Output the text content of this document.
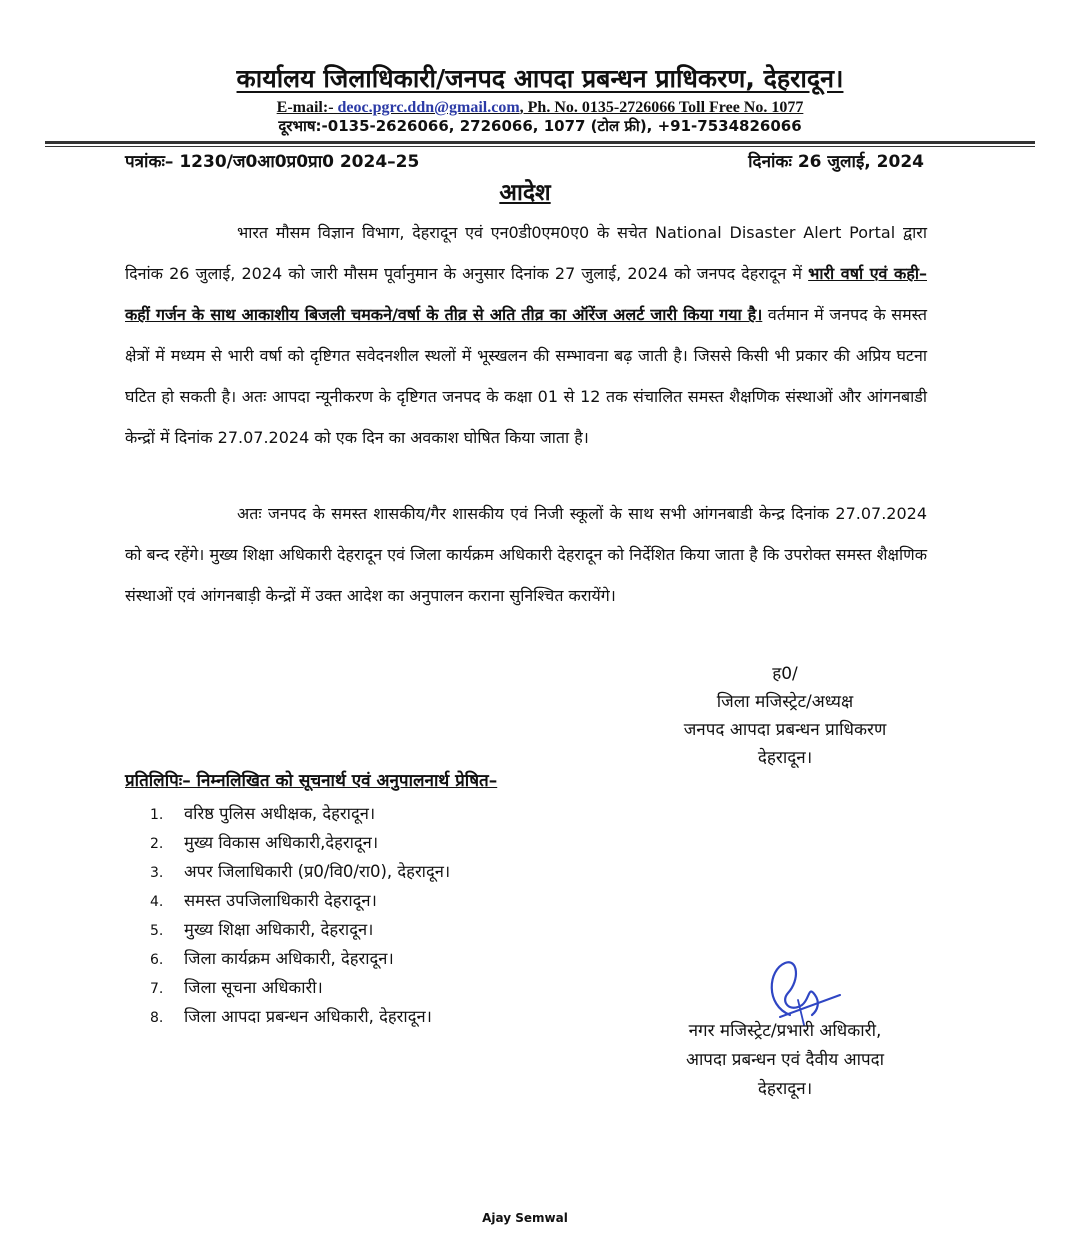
कार्यालय जिलाधिकारी/जनपद आपदा प्रबन्धन प्राधिकरण, देहरादून।
E-mail:- deoc.pgrc.ddn@gmail.com, Ph. No. 0135-2726066 Toll Free No. 1077
दूरभाष:-0135-2626066, 2726066, 1077 (टोल फ्री), +91-7534826066
पत्रांकः– 1230/ज0आ0प्र0प्रा0 2024–25	दिनांकः 26 जुलाई, 2024
आदेश
भारत मौसम विज्ञान विभाग, देहरादून एवं एन0डी0एम0ए0 के सचेत National Disaster Alert Portal द्वारा दिनांक 26 जुलाई, 2024 को जारी मौसम पूर्वानुमान के अनुसार दिनांक 27 जुलाई, 2024 को जनपद देहरादून में भारी वर्षा एवं कही–कहीं गर्जन के साथ आकाशीय बिजली चमकने/वर्षा के तीव्र से अति तीव्र का ऑरेंज अलर्ट जारी किया गया है। वर्तमान में जनपद के समस्त क्षेत्रों में मध्यम से भारी वर्षा को दृष्टिगत सवेदनशील स्थलों में भूस्खलन की सम्भावना बढ़ जाती है। जिससे किसी भी प्रकार की अप्रिय घटना घटित हो सकती है। अतः आपदा न्यूनीकरण के दृष्टिगत जनपद के कक्षा 01 से 12 तक संचालित समस्त शैक्षणिक संस्थाओं और आंगनबाडी केन्द्रों में दिनांक 27.07.2024 को एक दिन का अवकाश घोषित किया जाता है।
अतः जनपद के समस्त शासकीय/गैर शासकीय एवं निजी स्कूलों के साथ सभी आंगनबाडी केन्द्र दिनांक 27.07.2024 को बन्द रहेंगे। मुख्य शिक्षा अधिकारी देहरादून एवं जिला कार्यक्रम अधिकारी देहरादून को निर्देशित किया जाता है कि उपरोक्त समस्त शैक्षणिक संस्थाओं एवं आंगनबाड़ी केन्द्रों में उक्त आदेश का अनुपालन कराना सुनिश्चित करायेंगे।
ह0/
जिला मजिस्ट्रेट/अध्यक्ष
जनपद आपदा प्रबन्धन प्राधिकरण
देहरादून।
प्रतिलिपिः– निम्नलिखित को सूचनार्थ एवं अनुपालनार्थ प्रेषित–
1.	वरिष्ठ पुलिस अधीक्षक, देहरादून।
2.	मुख्य विकास अधिकारी,देहरादून।
3.	अपर जिलाधिकारी (प्र0/वि0/रा0), देहरादून।
4.	समस्त उपजिलाधिकारी देहरादून।
5.	मुख्य शिक्षा अधिकारी, देहरादून।
6.	जिला कार्यक्रम अधिकारी, देहरादून।
7.	जिला सूचना अधिकारी।
8.	जिला आपदा प्रबन्धन अधिकारी, देहरादून।
नगर मजिस्ट्रेट/प्रभारी अधिकारी,
आपदा प्रबन्धन एवं दैवीय आपदा
देहरादून।
Ajay Semwal
